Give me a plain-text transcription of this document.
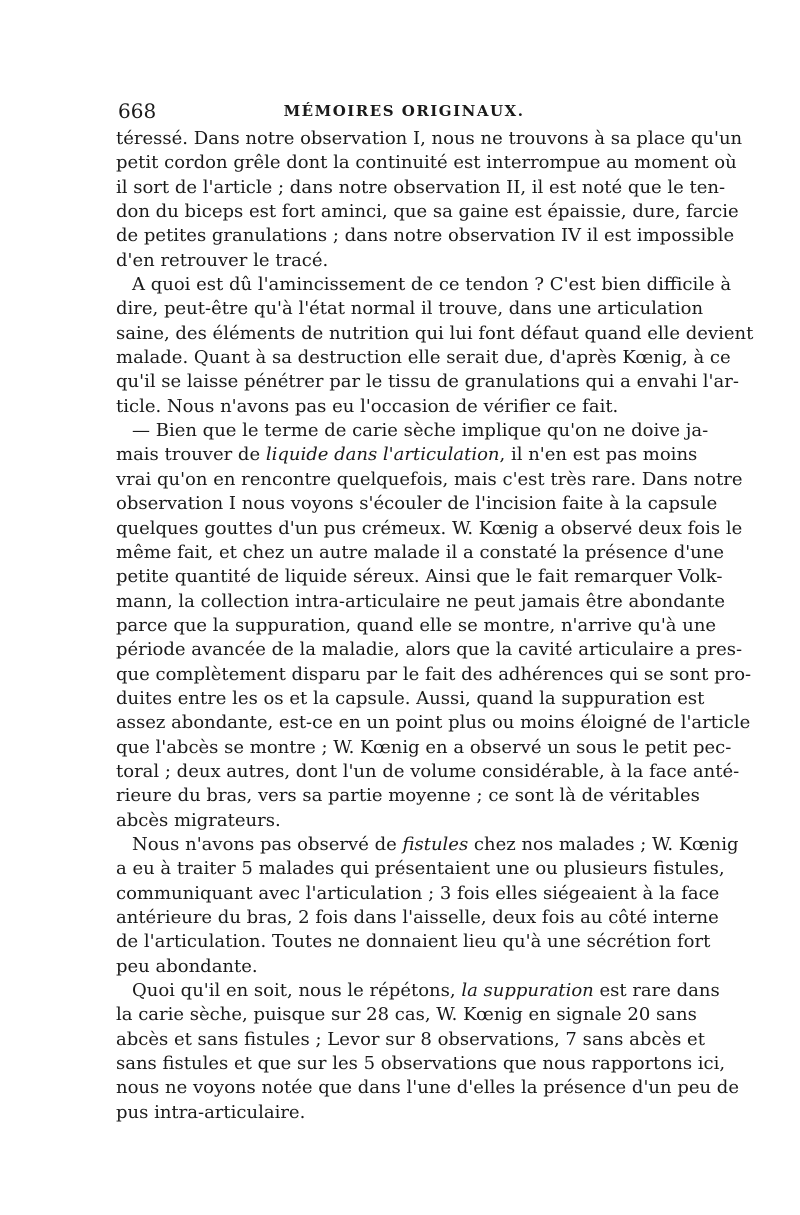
668	MÉMOIRES ORIGINAUX.
téressé. Dans notre observation I, nous ne trouvons à sa place qu'un
petit cordon grêle dont la continuité est interrompue au moment où
il sort de l'article ; dans notre observation II, il est noté que le ten-
don du biceps est fort aminci, que sa gaine est épaissie, dure, farcie
de petites granulations ; dans notre observation IV il est impossible
d'en retrouver le tracé.
A quoi est dû l'amincissement de ce tendon ? C'est bien difficile à
dire, peut-être qu'à l'état normal il trouve, dans une articulation
saine, des éléments de nutrition qui lui font défaut quand elle devient
malade. Quant à sa destruction elle serait due, d'après Kœnig, à ce
qu'il se laisse pénétrer par le tissu de granulations qui a envahi l'ar-
ticle. Nous n'avons pas eu l'occasion de vérifier ce fait.
— Bien que le terme de carie sèche implique qu'on ne doive ja-
mais trouver de liquide dans l'articulation, il n'en est pas moins
vrai qu'on en rencontre quelquefois, mais c'est très rare. Dans notre
observation I nous voyons s'écouler de l'incision faite à la capsule
quelques gouttes d'un pus crémeux. W. Kœnig a observé deux fois le
même fait, et chez un autre malade il a constaté la présence d'une
petite quantité de liquide séreux. Ainsi que le fait remarquer Volk-
mann, la collection intra-articulaire ne peut jamais être abondante
parce que la suppuration, quand elle se montre, n'arrive qu'à une
période avancée de la maladie, alors que la cavité articulaire a pres-
que complètement disparu par le fait des adhérences qui se sont pro-
duites entre les os et la capsule. Aussi, quand la suppuration est
assez abondante, est-ce en un point plus ou moins éloigné de l'article
que l'abcès se montre ; W. Kœnig en a observé un sous le petit pec-
toral ; deux autres, dont l'un de volume considérable, à la face anté-
rieure du bras, vers sa partie moyenne ; ce sont là de véritables
abcès migrateurs.
Nous n'avons pas observé de fistules chez nos malades ; W. Kœnig
a eu à traiter 5 malades qui présentaient une ou plusieurs fistules,
communiquant avec l'articulation ; 3 fois elles siégeaient à la face
antérieure du bras, 2 fois dans l'aisselle, deux fois au côté interne
de l'articulation. Toutes ne donnaient lieu qu'à une sécrétion fort
peu abondante.
Quoi qu'il en soit, nous le répétons, la suppuration est rare dans
la carie sèche, puisque sur 28 cas, W. Kœnig en signale 20 sans
abcès et sans fistules ; Levor sur 8 observations, 7 sans abcès et
sans fistules et que sur les 5 observations que nous rapportons ici,
nous ne voyons notée que dans l'une d'elles la présence d'un peu de
pus intra-articulaire.
